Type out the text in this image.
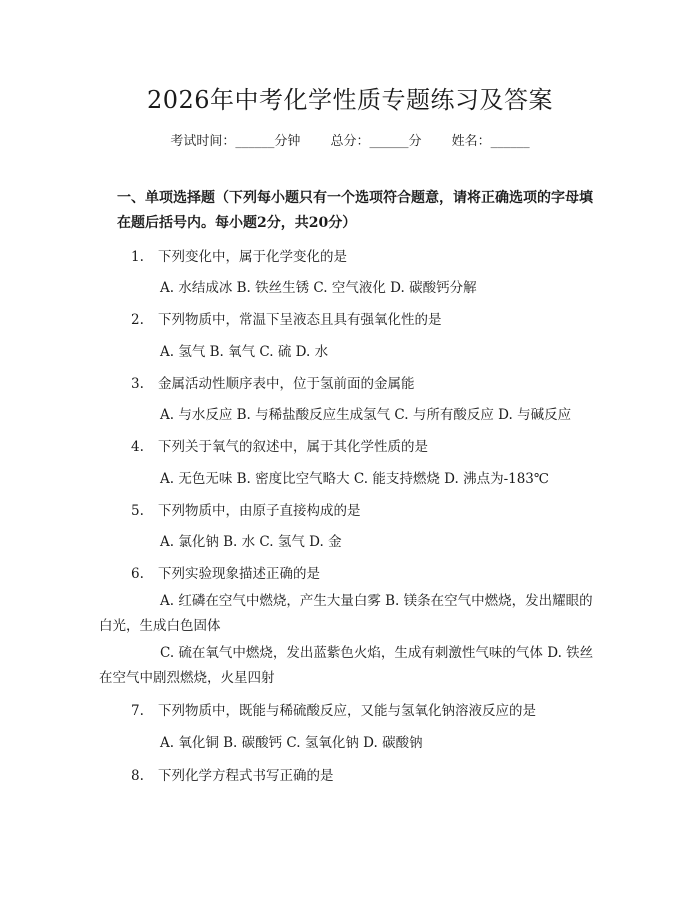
2026年中考化学性质专题练习及答案
考试时间：______分钟 总分：______分 姓名：______
一、单项选择题（下列每小题只有一个选项符合题意，请将正确选项的字母填在题后括号内。每小题2分，共20分）
1. 下列变化中，属于化学变化的是
A. 水结成冰 B. 铁丝生锈 C. 空气液化 D. 碳酸钙分解
2. 下列物质中，常温下呈液态且具有强氧化性的是
A. 氢气 B. 氧气 C. 硫 D. 水
3. 金属活动性顺序表中，位于氢前面的金属能
A. 与水反应 B. 与稀盐酸反应生成氢气 C. 与所有酸反应 D. 与碱反应
4. 下列关于氧气的叙述中，属于其化学性质的是
A. 无色无味 B. 密度比空气略大 C. 能支持燃烧 D. 沸点为-183℃
5. 下列物质中，由原子直接构成的是
A. 氯化钠 B. 水 C. 氢气 D. 金
6. 下列实验现象描述正确的是
A. 红磷在空气中燃烧，产生大量白雾 B. 镁条在空气中燃烧，发出耀眼的白光，生成白色固体
C. 硫在氧气中燃烧，发出蓝紫色火焰，生成有刺激性气味的气体 D. 铁丝在空气中剧烈燃烧，火星四射
7. 下列物质中，既能与稀硫酸反应，又能与氢氧化钠溶液反应的是
A. 氧化铜 B. 碳酸钙 C. 氢氧化钠 D. 碳酸钠
8. 下列化学方程式书写正确的是
